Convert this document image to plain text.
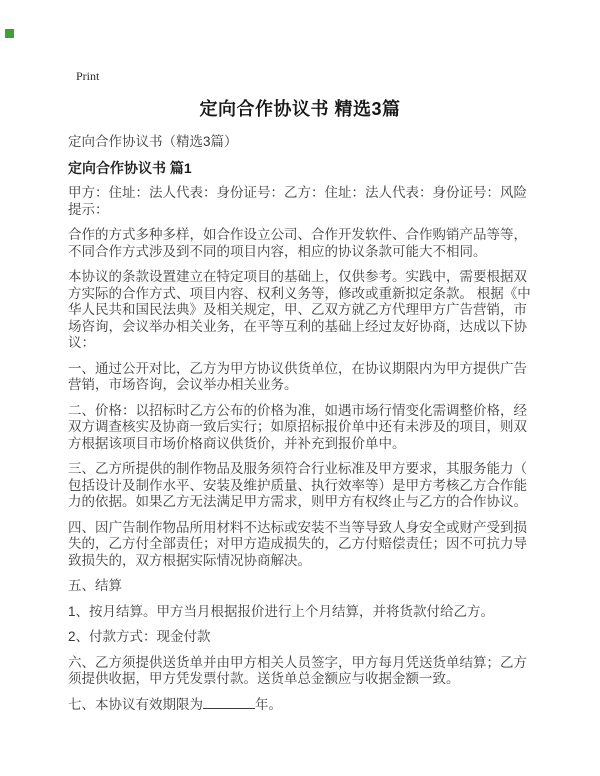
Print
定向合作协议书 精选3篇
定向合作协议书（精选3篇）
定向合作协议书 篇1

甲方：住址：法人代表：身份证号：乙方：住址：法人代表：身份证号：风险提示：

合作的方式多种多样，如合作设立公司、合作开发软件、合作购销产品等等，不同合作方式涉及到不同的项目内容，相应的协议条款可能大不相同。

本协议的条款设置建立在特定项目的基础上，仅供参考。实践中，需要根据双方实际的合作方式、项目内容、权利义务等，修改或重新拟定条款。 根据《中华人民共和国民法典》及相关规定，甲、乙双方就乙方代理甲方广告营销，市场咨询，会议举办相关业务，在平等互利的基础上经过友好协商，达成以下协议：

一、通过公开对比，乙方为甲方协议供货单位，在协议期限内为甲方提供广告营销，市场咨询，会议举办相关业务。

二、价格：以招标时乙方公布的价格为准，如遇市场行情变化需调整价格，经双方调查核实及协商一致后实行；如原招标报价单中还有未涉及的项目，则双方根据该项目市场价格商议供货价，并补充到报价单中。

三、乙方所提供的制作物品及服务须符合行业标准及甲方要求，其服务能力（包括设计及制作水平、安装及维护质量、执行效率等）是甲方考核乙方合作能力的依据。如果乙方无法满足甲方需求，则甲方有权终止与乙方的合作协议。

四、因广告制作物品所用材料不达标或安装不当等导致人身安全或财产受到损失的，乙方付全部责任；对甲方造成损失的，乙方付赔偿责任；因不可抗力导致损失的，双方根据实际情况协商解决。

五、结算

1、按月结算。甲方当月根据报价进行上个月结算，并将货款付给乙方。

2、付款方式：现金付款

六、乙方须提供送货单并由甲方相关人员签字，甲方每月凭送货单结算；乙方须提供收据，甲方凭发票付款。送货单总金额应与收据金额一致。

七、本协议有效期限为	年。
